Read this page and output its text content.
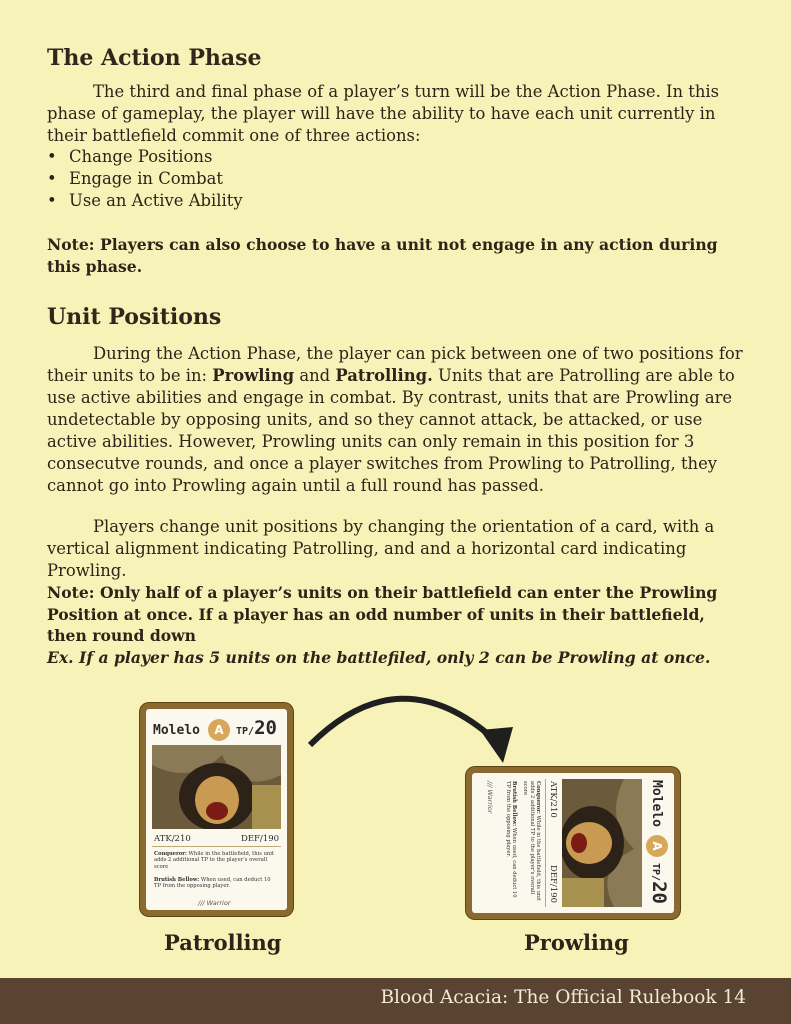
The Action Phase

The third and final phase of a player’s turn will be the Action Phase. In this phase of gameplay, the player will have the ability to have each unit currently in their battlefield commit one of three actions:

• Change Positions
• Engage in Combat
• Use an Active Ability

Note: Players can also choose to have a unit not engage in any action during this phase.

Unit Positions

During the Action Phase, the player can pick between one of two positions for their units to be in: Prowling and Patrolling. Units that are Patrolling are able to use active abilities and engage in combat. By contrast, units that are Prowling are undetectable by opposing units, and so they cannot attack, be attacked, or use active abilities. However, Prowling units can only remain in this position for 3 consecutve rounds, and once a player switches from Prowling to Patrolling, they cannot go into Prowling again until a full round has passed.

Players change unit positions by changing the orientation of a card, with a vertical alignment indicating Patrolling, and and a horizontal card indicating Prowling.

Note: Only half of a player’s units on their battlefield can enter the Prowling Position at once. If a player has an odd number of units in their battlefield, then round down
Ex. If a player has 5 units on the battlefiled, only 2 can be Prowling at once.
Molelo	A	TP/20
ATK/210	DEF/190
Conqueror: While in the battlefield, this unit adds 2 additional TP to the player’s overall score
Brutish Bellow: When used, can deduct 10 TP from the opposing player.
/// Warrior
Molelo
A
TP/20
ATK/210
DEF/190
Conqueror: While in the battlefield, this unit adds 2 additional TP to the player’s overall score
Brutish Bellow: When used, can deduct 10 TP from the opposing player.
/// Warrior
Patrolling	Prowling
Blood Acacia: The Official Rulebook 14
